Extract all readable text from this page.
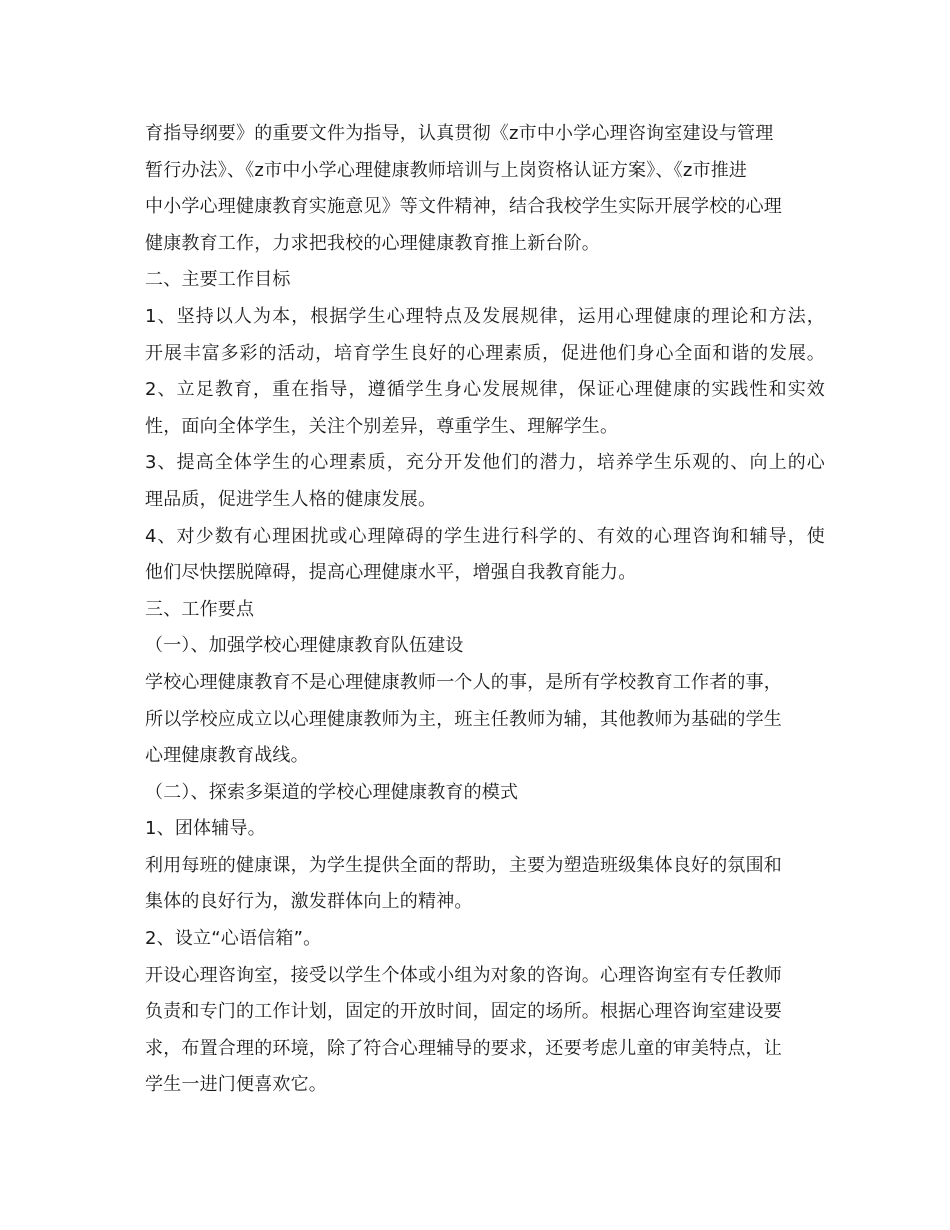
育指导纲要》的重要文件为指导，认真贯彻《z市中小学心理咨询室建设与管理
暂行办法》、《z市中小学心理健康教师培训与上岗资格认证方案》、《z市推进
中小学心理健康教育实施意见》等文件精神，结合我校学生实际开展学校的心理
健康教育工作，力求把我校的心理健康教育推上新台阶。
二、主要工作目标
1、坚持以人为本，根据学生心理特点及发展规律，运用心理健康的理论和方法，
开展丰富多彩的活动，培育学生良好的心理素质，促进他们身心全面和谐的发展。
2、立足教育，重在指导，遵循学生身心发展规律，保证心理健康的实践性和实效
性，面向全体学生，关注个别差异，尊重学生、理解学生。
3、提高全体学生的心理素质，充分开发他们的潜力，培养学生乐观的、向上的心
理品质，促进学生人格的健康发展。
4、对少数有心理困扰或心理障碍的学生进行科学的、有效的心理咨询和辅导，使
他们尽快摆脱障碍，提高心理健康水平，增强自我教育能力。
三、工作要点
（一）、加强学校心理健康教育队伍建设
学校心理健康教育不是心理健康教师一个人的事，是所有学校教育工作者的事，
所以学校应成立以心理健康教师为主，班主任教师为辅，其他教师为基础的学生
心理健康教育战线。
（二）、探索多渠道的学校心理健康教育的模式
1、团体辅导。
利用每班的健康课，为学生提供全面的帮助，主要为塑造班级集体良好的氛围和
集体的良好行为，激发群体向上的精神。
2、设立“心语信箱”。
开设心理咨询室，接受以学生个体或小组为对象的咨询。心理咨询室有专任教师
负责和专门的工作计划，固定的开放时间，固定的场所。根据心理咨询室建设要
求，布置合理的环境，除了符合心理辅导的要求，还要考虑儿童的审美特点，让
学生一进门便喜欢它。
